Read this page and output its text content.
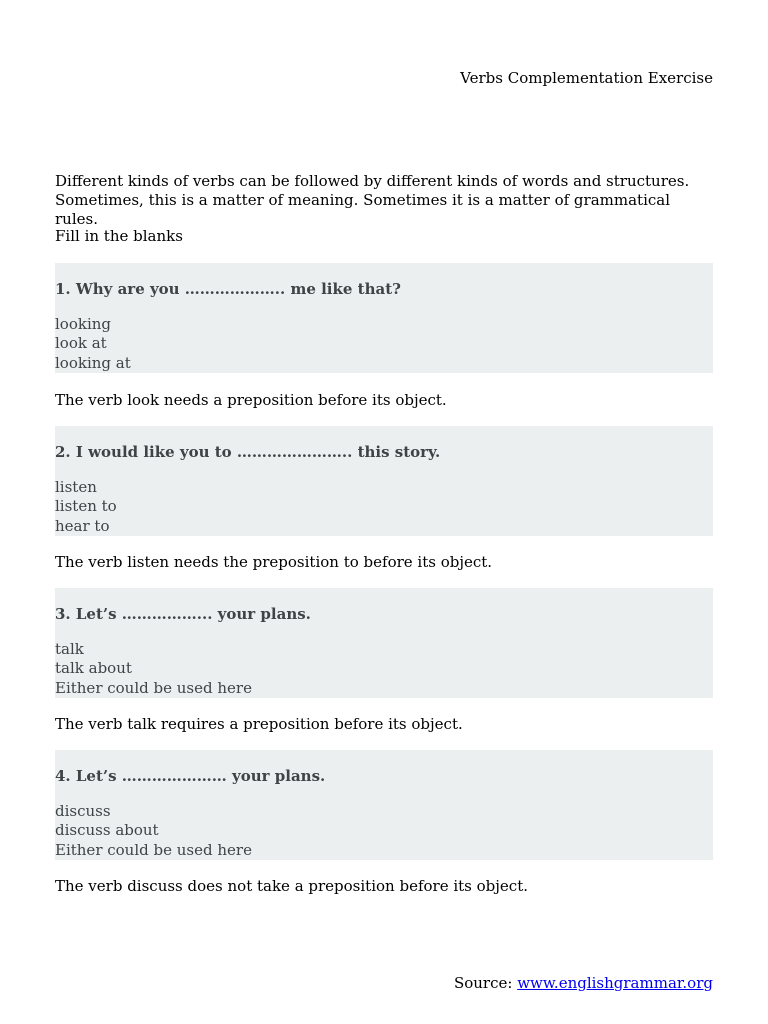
Verbs Complementation Exercise

Different kinds of verbs can be followed by different kinds of words and structures.

Sometimes, this is a matter of meaning. Sometimes it is a matter of grammatical rules.

Fill in the blanks
1. Why are you ……………….. me like that?
looking
look at
looking at
The verb look needs a preposition before its object.
2. I would like you to ………………….. this story.
listen
listen to
hear to
The verb listen needs the preposition to before its object.
3. Let’s ……………... your plans.
talk
talk about
Either could be used here
The verb talk requires a preposition before its object.
4. Let’s ………………… your plans.
discuss
discuss about
Either could be used here
The verb discuss does not take a preposition before its object.
Source: www.englishgrammar.org
